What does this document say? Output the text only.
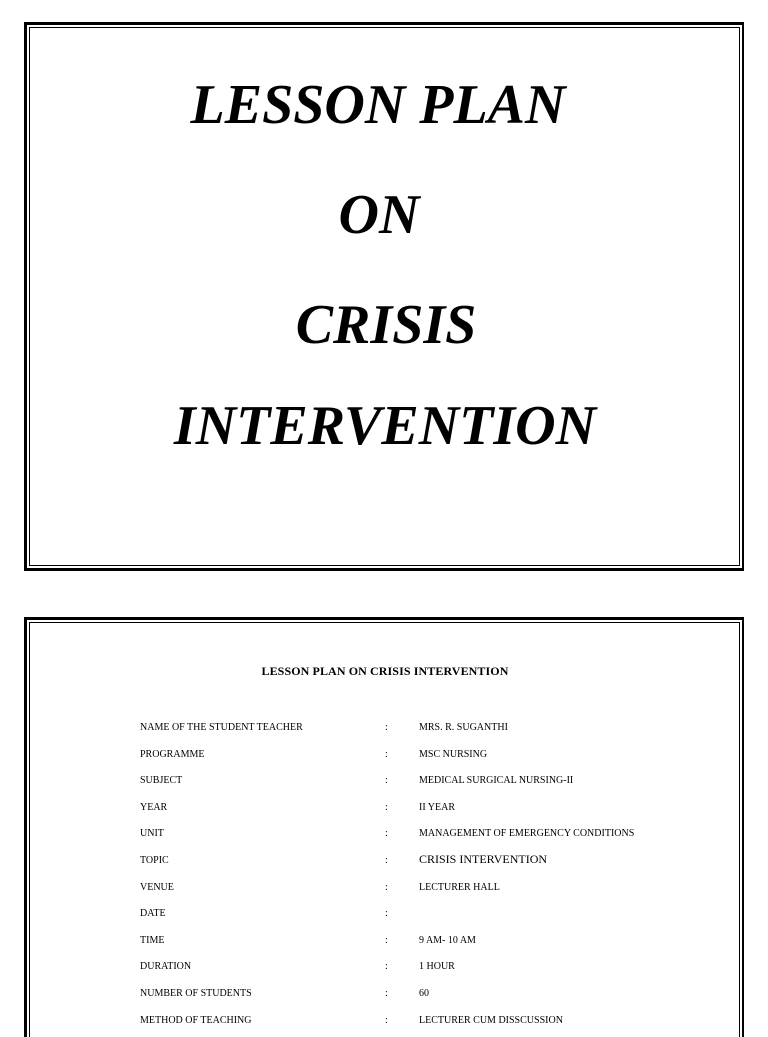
LESSON PLAN
ON
CRISIS
INTERVENTION
LESSON PLAN ON CRISIS INTERVENTION
NAME OF THE STUDENT TEACHER	:	MRS. R. SUGANTHI
PROGRAMME	:	MSC NURSING
SUBJECT	:	MEDICAL SURGICAL NURSING-II
YEAR	:	II YEAR
UNIT	:	MANAGEMENT OF EMERGENCY CONDITIONS
TOPIC	:	CRISIS INTERVENTION
VENUE	:	LECTURER HALL
DATE	:
TIME	:	9 AM- 10 AM
DURATION	:	1 HOUR
NUMBER OF STUDENTS	:	60
METHOD OF TEACHING	:	LECTURER CUM DISSCUSSION
